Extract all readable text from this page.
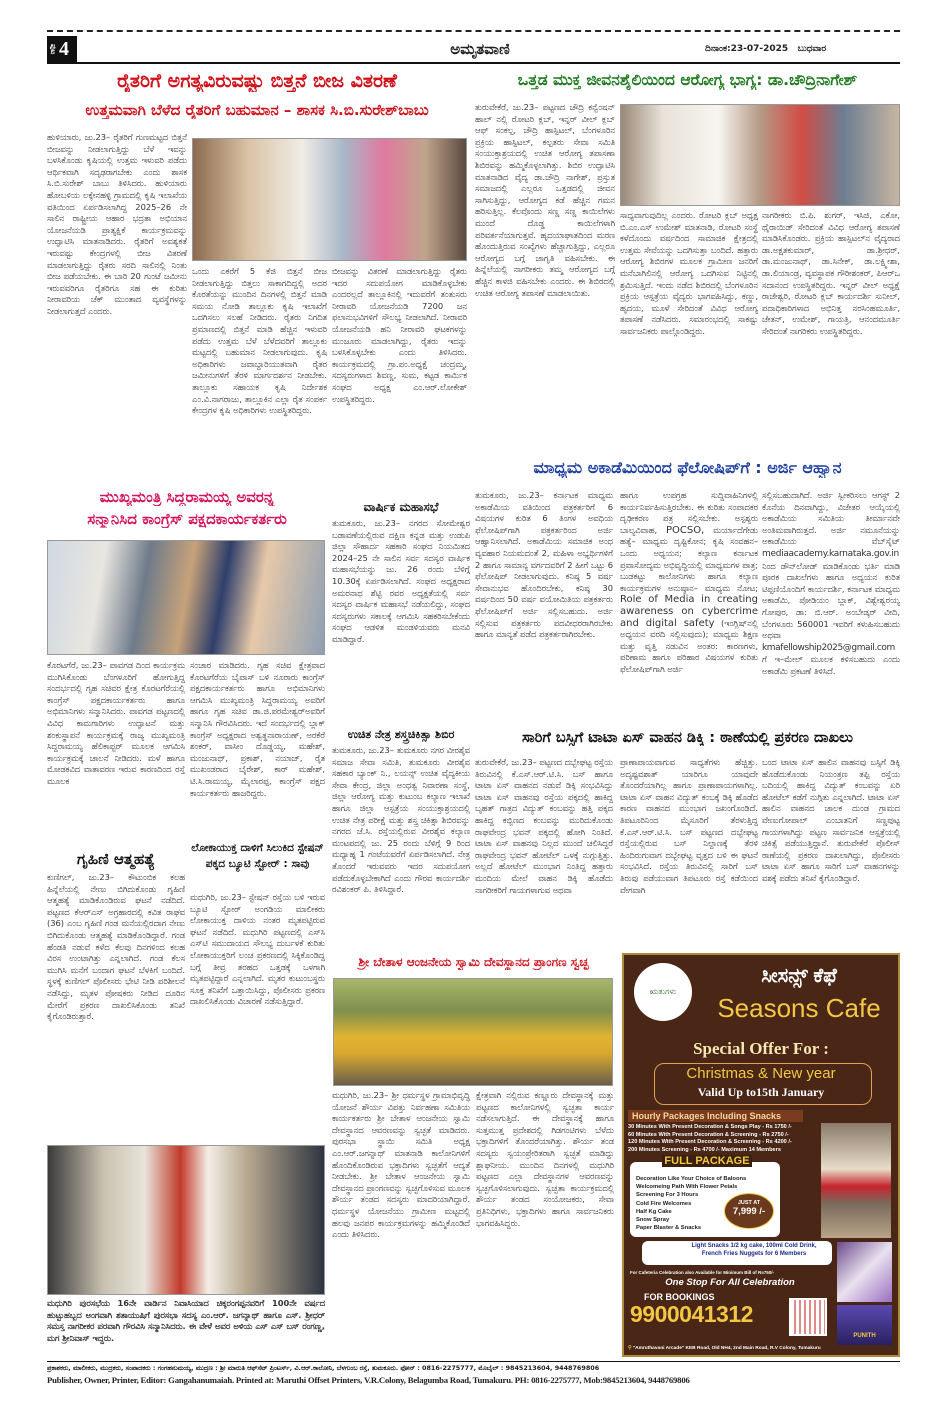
ಪುಟ 4	ಅಮೃತವಾಣಿ	ದಿನಾಂಕ:23-07-2025 ಬುಧವಾರ
ರೈತರಿಗೆ ಅಗತ್ಯವಿರುವಷ್ಟು ಬಿತ್ತನೆ ಬೀಜ ವಿತರಣೆ
ಉತ್ತಮವಾಗಿ ಬೆಳೆದ ರೈತರಿಗೆ ಬಹುಮಾನ – ಶಾಸಕ ಸಿ.ಬಿ.ಸುರೇಶ್‌ಬಾಬು
ಹುಳಿಯಾರು, ಜು.23– ರೈತರಿಗೆ ಗುಣಮಟ್ಟದ ಬಿತ್ತನೆ ಬೀಜವನ್ನು ನೀಡಲಾಗುತ್ತಿದ್ದು ಬೆಳೆ ಇವನ್ನು ಬಳಸಿಕೊಂಡು ಕೃಷಿಯಲ್ಲಿ ಉತ್ತಮ ಇಳುವರಿ ಪಡೆದು ಆರ್ಥಿಕವಾಗಿ ಸದೃಢರಾಗಬೇಕು ಎಂದು ಶಾಸಕ ಸಿ.ಬಿ.ಸುರೇಶ್ ಬಾಬು ತಿಳಿಸಿದರು. ಹುಳಿಯಾರು ಹೋಬಳಿಯ ಲಕ್ಕೇನಹಳ್ಳಿ ಗ್ರಾಮದಲ್ಲಿ ಕೃಷಿ ಇಲಾಖೆಯ ವತಿಯಿಂದ ಏರ್ಪಡಿಸಲಾಗಿದ್ದ 2025–26 ನೇ ಸಾಲಿನ ರಾಷ್ಟ್ರೀಯ ಆಹಾರ ಭದ್ರತಾ ಅಭಿಯಾನ ಯೋಜನೆಯಡಿ ಪ್ರಾತ್ಯಕ್ಷಿಕೆ ಕಾರ್ಯಕ್ರಮವನ್ನು ಉದ್ಘಾಟಿಸಿ ಮಾತನಾಡಿದರು. ರೈತರಿಗೆ ಅವಶ್ಯಕತೆ ಇರುವಷ್ಟು ಕೇಂದ್ರಗಳಲ್ಲಿ ಬೀಜ ವಿತರಣೆ ಮಾಡಲಾಗುತ್ತಿದ್ದು ರೈತರು ಸರದಿ ಸಾಲಿನಲ್ಲಿ ನಿಂತು ಬೀಜ ಪಡೆಯಬೇಕು. ಈ ಬಾರಿ 20 ಗುಂಟೆ ಜಮೀನು ಇರುವವರಿಗೂ ರೈತರಿಗೂ ಸಹ ಈ ಕುರಿತು ನೀರಾವರಿಯ ಚೆಕ್ ಮುಂತಾದ ವ್ಯವಸ್ಥೆಗಳನ್ನು ನೀಡಲಾಗುತ್ತದೆ ಎಂದರು.
ಒಂದು ಎಕರೆಗೆ 5 ಕೆಜಿ ಬಿತ್ತನೆ ಬೀಜ ನೀಡಲಾಗುತ್ತಿದ್ದು ಬಿತ್ತಲು ಸಾಕಾಗದಿದ್ದಲ್ಲಿ ಅದರ ಕೊರತೆಯನ್ನು ಮುಂದಿನ ದಿನಗಳಲ್ಲಿ ಬಿತ್ತನೆ ಮಾಡಿ ಸಮಯ ನೋಡಿ ತಾಲ್ಲೂಕು ಕೃಷಿ ಇಲಾಖೆಗೆ ಒದಗಿಸಲು ಸಲಹೆ ನೀಡಿದರು. ರೈತರು ನಿಗದಿತ ಪ್ರಮಾಣದಲ್ಲಿ ಬಿತ್ತನೆ ಮಾಡಿ ಹೆಚ್ಚಿನ ಇಳುವರಿ ಪಡೆದು ಉತ್ತಮ ಬೆಳೆ ಬೆಳೆದವರಿಗೆ ತಾಲ್ಲೂಕು ಮಟ್ಟದಲ್ಲಿ ಬಹುಮಾನ ನೀಡಲಾಗುವುದು. ಕೃಷಿ ಅಧಿಕಾರಿಗಳು ಜವಾಬ್ದಾರಿಯುತವಾಗಿ ರೈತರ ಜಮೀನುಗಳಿಗೆ ತೆರಳಿ ಮಾರ್ಗದರ್ಶನ ನೀಡಬೇಕು. ತಾಲ್ಲೂಕು ಸಹಾಯಕ ಕೃಷಿ ನಿರ್ದೇಶಕ ಎಂ.ವಿ.ನಾಗರಾಜು, ತಾಲ್ಲೂಕಿನ ಎಲ್ಲಾ ರೈತ ಸಂಪರ್ಕ ಕೇಂದ್ರಗಳ ಕೃಷಿ ಅಧಿಕಾರಿಗಳು ಉಪಸ್ಥಿತರಿದ್ದರು.
ಬೀಜವನ್ನು ವಿತರಣೆ ಮಾಡಲಾಗುತ್ತಿದ್ದು ರೈತರು ಇದರ ಸದುಪಯೋಗ ಮಾಡಿಕೊಳ್ಳಬೇಕು ಎಂದರಲ್ಲದೆ ತಾಲ್ಲೂಕಿನಲ್ಲಿ ಇದುವರೆಗೆ ತಂತುಸರು ನೀರಾವರಿ ಯೋಜನೆಯಡಿ 7200 ಜನ ಫಲಾನುಭವಿಗಳಿಗೆ ಸೌಲಭ್ಯ ನೀಡಲಾಗಿದೆ. ನೀರಾವರಿ ಯೋಜನೆಯಡಿ ಹನಿ ನೀರಾವರಿ ಘಟಕಗಳನ್ನು ಮಂಜೂರು ಮಾಡಲಾಗಿದ್ದು, ರೈತರು ಇದನ್ನು ಬಳಸಿಕೊಳ್ಳಬೇಕು ಎಂದು ತಿಳಿಸಿದರು. ಕಾರ್ಯಕ್ರಮದಲ್ಲಿ ಗ್ರಾ.ಪಂ.ಅಧ್ಯಕ್ಷೆ ಚಂದ್ರಮ್ಮ, ಸದಸ್ಯರುಗಳಾದ ಶಿವಣ್ಣ, ಸುಮ, ಕಟ್ಟಡ ಕಾರ್ಮಿಕ ಸಂಘದ ಅಧ್ಯಕ್ಷ ಎಂ.ಆರ್.ಲೋಕೇಶ್ ಉಪಸ್ಥಿತರಿದ್ದರು.
ಮುಖ್ಯಮಂತ್ರಿ ಸಿದ್ದರಾಮಯ್ಯ ಅವರನ್ನ
ಸನ್ಮಾನಿಸಿದ ಕಾಂಗ್ರೆಸ್ ಪಕ್ಷದಕಾರ್ಯಕರ್ತರು
ಕೊರಟಗೆರೆ, ಜು.23– ಪಾವಗಡ ದಿಂದ ಕಾರ್ಯಕ್ರಮ ಮುಗಿಸಿಕೊಂಡು ಬೆಂಗಳೂರಿಗೆ ಹೋಗುತ್ತಿದ್ದ ಸಂದರ್ಭದಲ್ಲಿ ಗೃಹ ಸಚಿವರ ಕ್ಷೇತ್ರ ಕೊರಟಗೆರೆಯಲ್ಲಿ ಕಾಂಗ್ರೆಸ್ ಪಕ್ಷದಕಾರ್ಯಕರ್ತರು ಹಾಗೂ ಅಭಿಮಾನಿಗಳು ಸನ್ಮಾನಿಸಿದರು. ಪಾವಗಡ ಪಟ್ಟಣದಲ್ಲಿ ವಿವಿಧ ಕಾಮಗಾರಿಗಳು ಉದ್ಘಾಟನೆ ಮತ್ತು ಶಂಕುಸ್ಥಾಪನೆ ಕಾರ್ಯಕ್ರಮಕ್ಕೆ ರಾಜ್ಯ ಮುಖ್ಯಮಂತ್ರಿ ಸಿದ್ದರಾಮಯ್ಯ ಹೆಲಿಕಾಪ್ಟರ್ ಮೂಲಕ ಆಗಮಿಸಿ ಕಾರ್ಯಕ್ರಮಕ್ಕೆ ಚಾಲನೆ ನೀಡಿದರು. ಮಳೆ ಹಾಗೂ ಮೋಡಕವಿದ ವಾತಾವರಣ ಇರುವ ಕಾರಣದಿಂದ ರಸ್ತೆ ಮೂಲಕ
ಸಂಚಾರ ಮಾಡಿದರು. ಗೃಹ ಸಚಿವ ಕ್ಷೇತ್ರವಾದ ಕೊರಟಗೆರೆಯ ಬೈಪಾಸ್ ಬಳಿ ನೂರಾರು ಕಾಂಗ್ರೆಸ್ ಪಕ್ಷದಕಾರ್ಯಕರ್ತರು ಹಾಗೂ ಅಭಿಮಾನಿಗಳು ಆಗಮಿಸಿ ಮುಖ್ಯಮಂತ್ರಿ ಸಿದ್ದರಾಮಯ್ಯ ಅವರಿಗೆ ಹಾಗೂ ಗೃಹ ಸಚಿವ ಡಾ.ಜಿ.ಪರಮೇಶ್ವರ್‌ಅವರಿಗೆ ಸನ್ಮಾನಿಸಿ ಗೌರವಿಸಿದರು. ಇದೆ ಸಂದರ್ಭದಲ್ಲಿ ಬ್ಲಾಕ್ ಕಾಂಗ್ರೆಸ್ ಅಧ್ಯಕ್ಷರಾದ ಅಶ್ವತ್ಥನಾರಾಯಣ್, ಅರಕೆರೆ ಶಂಕರ್, ವಾಸೀಂ ದೊಡ್ಡಯ್ಯ, ಮಹೇಶ್, ಮಂಜುನಾಥ್, ಪ್ರಕಾಶ್, ನಯಾಜ್, ರೈತ ಮುಖಂಡರಾದ ಬೈರೇಶ್, ಕಾರ್ ಮಹೇಶ್, ಟಿ.ಸಿ.ರಾಮಯ್ಯ, ಮೈಲಾರಪ್ಪ, ಕಾಂಗ್ರೆಸ್ ಪಕ್ಷದ ಕಾರ್ಯಕರ್ತರು ಹಾಜರಿದ್ದರು.
ಗೃಹಿಣಿ ಆತ್ಮಹತ್ಯೆ
ಕುಣಿಗಲ್, ಜು.23– ಕೌಟುಂಬಿಕ ಕಲಹ ಹಿನ್ನೆಲೆಯಲ್ಲಿ ನೇಣು ಬಿಗಿದುಕೊಂಡು ಗೃಹಿಣಿ ಆತ್ಮಹತ್ಯೆ ಮಾಡಿಕೊಂಡಿರುವ ಘಟನೆ ನಡೆದಿದೆ. ಪಟ್ಟಣದ ಕೆಆರ್‌ಎಸ್ ಅಗ್ರಹಾರದಲ್ಲಿ ಕವಿತ ರಾಘವ (36) ಎಂಬ ಗೃಹಿಣಿ ಗಂಡ ಮನೆಯಲ್ಲಿರದಾಗ ನೇಣು ಬಿಗಿದುಕೊಂಡು ಆತ್ಮಹತ್ಯೆ ಮಾಡಿಕೊಂಡಿದ್ದಾರೆ. ಗಂಡ ಹೆಂಡತಿ ನಡುವೆ ಕಳೆದ ಕೆಲವು ದಿನಗಳಿಂದ ಕಲಹ ವಿರಸ ಉಂಟಾಗಿತ್ತು ಎನ್ನಲಾಗಿದೆ. ಗಂಡ ಕೆಲಸ ಮುಗಿಸಿ ಮನೆಗೆ ಬಂದಾಗ ಘಟನೆ ಬೆಳಕಿಗೆ ಬಂದಿದೆ. ಸ್ಥಳಕ್ಕೆ ಕುಣಿಗಲ್ ಪೊಲೀಸರು ಭೇಟಿ ನೀಡಿ ಪರಿಶೀಲನೆ ನಡೆಸಿದ್ದು, ಮೃತಳ ಪೋಷಕರು ನೀಡಿದ ದೂರಿನ ಮೇರೆಗೆ ಪ್ರಕರಣ ದಾಖಲಿಸಿಕೊಂಡು ತನಿಖೆ ಕೈಗೊಂಡಿರುತ್ತಾರೆ.
ಲೋಕಾಯುಕ್ತ ದಾಳಿಗೆ ಸಿಲುಕಿದ ಸ್ಟೇಷನ್ ಪಕ್ಕದ ಬ್ಯೂಟಿ ಸ್ಟೋರ್ : ಸಾವು
ಮಧುಗಿರಿ, ಜು.23– ಸ್ಟೇಷನ್ ರಸ್ತೆಯ ಬಳಿ ಇರುವ ಬ್ಯೂಟಿ ಸ್ಟೋರ್ ಅಂಗಡಿಯ ಮಾಲೀಕರು ಲೋಕಾಯುಕ್ತ ದಾಳಿಯ ನಂತರ ಮೃತಪಟ್ಟಿರುವ ಘಟನೆ ನಡೆದಿದೆ. ಮಧುಗಿರಿ ಪಟ್ಟಣದಲ್ಲಿ ಎಸ್‌ಸಿ ಎಸ್‌ಟಿ ಸಮುದಾಯದ ಸೌಲಭ್ಯ ದುರ್ಬಳಕೆ ಕುರಿತು ಲೋಕಾಯುಕ್ತರಿಗೆ ಲಂಚ ಪ್ರಕರಣದಲ್ಲಿ ಸಿಕ್ಕಿಕೊಂಡಿದ್ದ ಬಗ್ಗೆ ತೀವ್ರ ತರಹದ ಒತ್ತಡಕ್ಕೆ ಒಳಗಾಗಿ ಮೃತಪಟ್ಟಿದ್ದಾರೆ ಎನ್ನಲಾಗಿದೆ. ಮೃತರ ಕುಟುಂಬಸ್ಥರು ಸೂಕ್ತ ತನಿಖೆಗೆ ಒತ್ತಾಯಿಸಿದ್ದು, ಪೊಲೀಸರು ಪ್ರಕರಣ ದಾಖಲಿಸಿಕೊಂಡು ವಿಚಾರಣೆ ನಡೆಸುತ್ತಿದ್ದಾರೆ.
ವಾರ್ಷಿಕ ಮಹಾಸಭೆ
ತುಮಕೂರು, ಜು.23– ನಗರದ ಸೋಮೇಶ್ವರ ಬಡಾವಣೆಯಲ್ಲಿರುವ ದಕ್ಷಿಣ ಕನ್ನಡ ಮತ್ತು ಉಡುಪಿ ಜಿಲ್ಲಾ ಸೌಹಾರ್ದ ಸಹಕಾರಿ ಸಂಘದ ನಿಯಮಿತದ 2024–25 ನೇ ಸಾಲಿನ ಸರ್ವ ಸದಸ್ಯರ ವಾರ್ಷಿಕ ಮಹಾಸಭೆಯನ್ನು ಜು. 26 ರಂದು ಬೆಳಿಗ್ಗೆ 10.30ಕ್ಕೆ ಏರ್ಪಡಿಸಲಾಗಿದೆ. ಸಂಘದ ಅಧ್ಯಕ್ಷರಾದ ಅಮರನಾಥ ಶೆಟ್ಟಿ ರವರ ಅಧ್ಯಕ್ಷತೆಯಲ್ಲಿ ಸರ್ವ ಸದಸ್ಯರ ವಾರ್ಷಿಕ ಮಹಾಸಭೆ ನಡೆಯಲಿದ್ದು, ಸಂಘದ ಸದಸ್ಯರುಗಳು ಸಕಾಲಕ್ಕೆ ಆಗಮಿಸಿ ಸಹಕರಿಸಬೇಕೆಂದು ಸಂಘದ ಆಡಳಿತ ಮಂಡಳಿಯವರು ಮನವಿ ಮಾಡಿದ್ದಾರೆ.
ಉಚಿತ ನೇತ್ರ ಶಸ್ತ್ರಚಿಕಿತ್ಸಾ ಶಿಬಿರ
ತುಮಕೂರು, ಜು.23– ತುಮಕೂರು ನಗರ ವೀರಶೈವ ಸಮಾಜ ಸೇವಾ ಸಮಿತಿ, ತುಮಕೂರು ವೀರಶೈವ ಸಹಕಾರ ಬ್ಯಾಂಕ್ ನಿ., ಲಯನ್ಸ್ ಉಚಿತ ವೈದ್ಯಕೀಯ ಸೇವಾ ಕೇಂದ್ರ, ಜಿಲ್ಲಾ ಅಂಧತ್ವ ನಿವಾರಣಾ ಸಂಸ್ಥೆ, ಜಿಲ್ಲಾ ಆರೋಗ್ಯ ಮತ್ತು ಕುಟುಂಬ ಕಲ್ಯಾಣ ಇಲಾಖೆ ಹಾಗೂ ಜಿಲ್ಲಾ ಆಸ್ಪತ್ರೆಯ ಸಂಯುಕ್ತಾಶ್ರಯದಲ್ಲಿ ಉಚಿತ ನೇತ್ರ ಪರೀಕ್ಷೆ ಮತ್ತು ಶಸ್ತ್ರ ಚಿಕಿತ್ಸಾ ಶಿಬಿರವನ್ನು ನಗರದ ಜೆ.ಸಿ. ರಸ್ತೆಯಲ್ಲಿರುವ ವೀರಶೈವ ಕಲ್ಯಾಣ ಮಂಟಪದಲ್ಲಿ ಜು. 25 ರಂದು ಬೆಳಿಗ್ಗೆ 9 ರಿಂದ ಮಧ್ಯಾಹ್ನ 1 ಗಂಟೆಯವರೆಗೆ ಏರ್ಪಡಿಸಲಾಗಿದೆ. ನೇತ್ರ ತೊಂದರೆ ಇರುವವರು ಇದರ ಸದುಪಯೋಗ ಪಡೆದುಕೊಳ್ಳಬೇಕಾಗಿದೆ ಎಂದು ಗೌರವ ಕಾರ್ಯದರ್ಶಿ ರವಿಶಂಕರ್ ಪಿ. ತಿಳಿಸಿದ್ದಾರೆ.
ಒತ್ತಡ ಮುಕ್ತ ಜೀವನಶೈಲಿಯಿಂದ ಆರೋಗ್ಯ ಭಾಗ್ಯ: ಡಾ.ಚೌದ್ರಿನಾಗೇಶ್
ತುರುವೇಕೆರೆ, ಜು.23– ಪಟ್ಟಣದ ಚೌದ್ರಿ ಕನ್ವೆಂಷನ್ ಹಾಲ್ ನಲ್ಲಿ ರೋಟರಿ ಕ್ಲಬ್, ಇನ್ನರ್ ವೀಲ್ ಕ್ಲಬ್ ಆಫ್ ಸಂಕಲ್ಪ, ಚೌದ್ರಿ ಹಾಸ್ಪಿಟಲ್, ಬೆಂಗಳೂರಿನ ಪ್ರಕ್ರಿಯ ಹಾಸ್ಪಿಟಲ್, ಕಲ್ಪತರು ಸೇವಾ ಸಮಿತಿ ಸಂಯುಕ್ತಾಶ್ರಯದಲ್ಲಿ ಉಚಿತ ಆರೋಗ್ಯ ತಪಾಸಣಾ ಶಿಬಿರವನ್ನು ಹಮ್ಮಿಕೊಳ್ಳಲಾಗಿತ್ತು. ಶಿಬಿರ ಉದ್ಘಾಟಿಸಿ ಮಾತನಾಡಿದ ವೈದ್ಯ ಡಾ.ಚೌದ್ರಿ ನಾಗೇಶ್, ಪ್ರಸ್ತುತ ಸಮಾಜದಲ್ಲಿ ಎಲ್ಲರೂ ಒತ್ತಡದಲ್ಲಿ ಜೀವನ ಸಾಗಿಸುತ್ತಿದ್ದು, ಆರೋಗ್ಯದ ಕಡೆ ಹೆಚ್ಚಿನ ಗಮನ ಹರಿಸುತ್ತಿಲ್ಲ. ಕೆಲವೊಂದು ಸಣ್ಣ ಸಣ್ಣ ಕಾಯಿಲೆಗಳು ಮುಂದೆ ದೊಡ್ಡ ಕಾಯಿಲೆಗಳಾಗಿ ಪರಿವರ್ತನೆಯಾಗುತ್ತವೆ. ಹೃದಯಾಘಾತದಿಂದ ಮರಣ ಹೊಂದುತ್ತಿರುವ ಸಂಖ್ಯೆಗಳು ಹೆಚ್ಚಾಗುತ್ತಿದ್ದು, ಎಲ್ಲರೂ ಆರೋಗ್ಯದ ಬಗ್ಗೆ ಜಾಗೃತಿ ವಹಿಸಬೇಕು. ಈ ಹಿನ್ನೆಲೆಯಲ್ಲಿ ನಾಗರೀಕರು ತಮ್ಮ ಆರೋಗ್ಯದ ಬಗ್ಗೆ ಹೆಚ್ಚಿನ ಕಾಳಜಿ ವಹಿಸಬೇಕು ಎಂದರು. ಈ ಶಿಬಿರದಲ್ಲಿ ಉಚಿತ ಆರೋಗ್ಯ ತಪಾಸಣೆ ಮಾಡಲಾಯಿತು.
ಸಾಧ್ಯವಾಗುವುದಿಲ್ಲ ಎಂದರು. ರೋಟರಿ ಕ್ಲಬ್ ಅಧ್ಯಕ್ಷ ಬಿ.ಎಂ.ಎಸ್ ಉಮೇಶ್ ಮಾತನಾಡಿ, ರೋಟರಿ ಸಂಸ್ಥೆ ಕಳೆದೊಂದು ವರ್ಷದಿಂದ ಸಾಮಾಜಿಕ ಕ್ಷೇತ್ರದಲ್ಲಿ ಉತ್ತಮ ಸೇವೆಯನ್ನು ಒದಗಿಸುತ್ತಾ ಬಂದಿದೆ. ಹತ್ತಾರು ಆರೋಗ್ಯ ಶಿಬಿರಗಳ ಮೂಲಕ ಗ್ರಾಮೀಣ ಜನರಿಗೆ ಮನೆಬಾಗಿಲಿನಲ್ಲಿ ಆರೋಗ್ಯ ಒದಗಿಸುವ ನಿಟ್ಟಿನಲ್ಲಿ ಶ್ರಮಿಸುತ್ತಿದೆ. ಇಂದು ನಡೆದ ಶಿಬಿರದಲ್ಲಿ ಬೆಂಗಳೂರಿನ ಪ್ರಕ್ರಿಯ ಆಸ್ಪತ್ರೆಯ ವೈದ್ಯರು ಭಾಗವಹಿಸಿದ್ದು, ಕಣ್ಣು, ಹೃದಯ, ಮೂಳೆ ಸೇರಿದಂತೆ ವಿವಿಧ ಆರೋಗ್ಯ ತಪಾಸಣೆ ನಡೆಸಿದರು. ಸಮಾರಂಭದಲ್ಲಿ ಸಾಕಷ್ಟು ಸಾರ್ವಜನಿಕರು ಪಾಲ್ಗೊಂಡಿದ್ದರು.
ನಾಗರೀಕರು ಬಿ.ಪಿ. ಶುಗರ್, ಇಸಿಜಿ, ಎಕೋ, ಥೈರಾಯಿಡ್ ಸೇರಿದಂತೆ ವಿವಿಧ ಆರೋಗ್ಯ ತಪಾಸಣೆ ಮಾಡಿಸಿಕೊಂಡರು. ಪ್ರಕ್ರಿಯ ಹಾಸ್ಪಿಟಲ್‌ನ ವೈದ್ಯರಾದ ಡಾ.ಅಕ್ಷತಕುಮಾರ್, ಡಾ.ಶ್ರೀಧರ್, ಡಾ.ಮಂಜುನಾಥ್, ಡಾ.ಸಿನೇಕ್, ಡಾ.ಲಕ್ಷ್ಮೀಶಾ, ಡಾ.ಲಿಯಾಂಡ್ರ, ವ್ಯವಸ್ಥಾಪಕ ಗೌರೀಶಂಕರ್, ಪಿಆರ್‌ಒ ಸದಾನಂದ ಉಪಸ್ಥಿತರಿದ್ದರು. ಇನ್ನರ್ ವೀಲ್ ಅಧ್ಯಕ್ಷೆ ರಾಜೇಶ್ವರಿ, ರೋಟರಿ ಕ್ಲಬ್ ಕಾರ್ಯದರ್ಶಿ ಸುನೀಲ್, ಪದಾಧಿಕಾರಿಗಳಾದ ಅಭಿನಿತ್ತ ನರಸಿಂಹಮೂರ್ತಿ, ಚೇತನ್, ಉಮೇಶ್, ಗಾಯತ್ರಿ, ಆನಂದಮೂರ್ತಿ ಸೇರಿದಂತೆ ನಾಗರಿಕರು ಉಪಸ್ಥಿತರಿದ್ದರು.
ಮಾಧ್ಯಮ ಅಕಾಡೆಮಿಯಿಂದ ಫೆಲೋಷಿಪ್‌ಗೆ : ಅರ್ಜಿ ಆಹ್ವಾನ
ತುಮಕೂರು, ಜು.23– ಕರ್ನಾಟಕ ಮಾಧ್ಯಮ ಅಕಾಡೆಮಿಯ ವತಿಯಿಂದ ಪತ್ರಕರ್ತರಿಗೆ 6 ವಿಷಯಗಳ ಕುರಿತ 6 ತಿಂಗಳ ಅವಧಿಯ ಫೆಲೋಷಿಪ್‌ಗಾಗಿ ಪತ್ರಕರ್ತರಿಂದ ಅರ್ಜಿ ಆಹ್ವಾನಿಸಲಾಗಿದೆ. ಅಕಾಡೆಮಿಯ ಸಮಾಜಿಕ ಅಂಧ ವ್ಯವಹಾರ ನಿಯಮದಂತೆ 2, ಮಹಿಳಾ ಅಭ್ಯರ್ಥಿಗಳಿಗೆ 2 ಹಾಗೂ ಸಾಮಾನ್ಯ ವರ್ಗದವರಿಗೆ 2 ಹೀಗೆ ಒಟ್ಟು 6 ಫೆಲೋಷಿಪ್ ನೀಡಲಾಗುವುದು. ಕನಿಷ್ಠ 5 ವರ್ಷ ಸೇವಾನುಭವ ಹೊಂದಿರಬೇಕು, ಕನಿಷ್ಠ 30 ವರ್ಷದಿಂದ 50 ವರ್ಷ ವಯೋಮಿತಿಯ ಪತ್ರಕರ್ತರು ಫೆಲೋಷಿಪ್‌ಗೆ ಅರ್ಜಿ ಸಲ್ಲಿಸಬಹುದು. ಅರ್ಜಿ ಸಲ್ಲಿಸುವ ಪತ್ರಕರ್ತರು ಪದವೀಧರರಾಗಿರಬೇಕು ಹಾಗೂ ಮಾನ್ಯತೆ ಪಡೆದ ಪತ್ರಕರ್ತರಾಗಿರಬೇಕು.
ಹಾಗೂ ಉಪಗ್ರಹ ಸುದ್ದಿವಾಹಿನಿಗಳಲ್ಲಿ ಕಾರ್ಯನಿರ್ವಹಿಸುತ್ತಿರಬೇಕು. ಈ ಕುರಿತು ಸಂಪಾದಕರ ದೃಢೀಕರಣ ಪತ್ರ ಸಲ್ಲಿಸಬೇಕು. ಅಸ್ಪಶ್ಯರು ಬಾಲ್ಯವಿವಾಹ, POCSO, ಮರ್ಯಾದೆಗೇಡು ಹತ್ಯೆ– ಮಾಧ್ಯಮ ದೃಷ್ಟಿಕೋನ; ಕೃಷಿ ಸಂವಹನ– ಒಂದು ಅಧ್ಯಯನ; ಕಲ್ಯಾಣ ಕರ್ನಾಟಕ ಪ್ರವಾಸೋದ್ಯಮ ಅಭಿವೃದ್ಧಿಯಲ್ಲಿ ಮಾಧ್ಯಮಗಳ ಪಾತ್ರ; ಬುಡಕಟ್ಟು ಕಾಲೋನಿಗಳು ಹಾಗೂ ಕಲ್ಯಾಣ ಕಾರ್ಯಕ್ರಮಗಳ ಅನುಷ್ಠಾನ– ಮಾಧ್ಯಮ ನೋಟ; Role of Media in creating awareness on cybercrime and digital safety (ಇಂಗ್ಲಿಷ್‌ನಲ್ಲಿ ಅಧ್ಯಯನ ವರದಿ ಸಲ್ಲಿಸುವುದು); ಮಾಧ್ಯಮ ಶಿಕ್ಷಣ ಮತ್ತು ವೃತ್ತಿ ನಡುವಿನ ಅಂತರ: ಕಾರಣಗಳು, ಪರಿಣಾಮ ಹಾಗೂ ಪರಿಹಾರ ವಿಷಯಗಳ ಕುರಿತು ಫೆಲೋಷಿಪ್‌ಗಾಗಿ ಅರ್ಜಿ
ಸಲ್ಲಿಸಬಹುದಾಗಿದೆ. ಅರ್ಜಿ ಸ್ವೀಕರಿಸಲು ಆಗಸ್ಟ್ 2 ಕೊನೆಯ ದಿನವಾಗಿದ್ದು, ವಿಜೇತರ ಆಯ್ಕೆಯಲ್ಲಿ ಅಕಾಡೆಮಿಯ ಸಮಿತಿಯ ತೀರ್ಮಾನವೇ ಅಂತಿಮವಾಗಿರುತ್ತದೆ. ಅರ್ಜಿ ನಮೂನೆಯನ್ನು ಅಕಾಡೆಮಿಯ ವೆಬ್‌ಸೈಟ್ mediaacademy.karnataka.gov.in ನಿಂದ ಡೌನ್‌ಲೋಡ್ ಮಾಡಿಕೊಂಡು ಭರ್ತಿ ಮಾಡಿ ಪೂರಕ ದಾಖಲೆಗಳು ಹಾಗೂ ಅಧ್ಯಯನ ಕುರಿತ ಟಿಪ್ಪಣಿಯೊಂದಿಗೆ ಕಾರ್ಯದರ್ಶಿ, ಕರ್ನಾಟಕ ಮಾಧ್ಯಮ ಅಕಾಡೆಮಿ, ಪೋಡಿಯಂ ಬ್ಲಾಕ್, ವಿಶ್ವೇಶ್ವರಯ್ಯ ಗೋಪುರ, ಡಾ: ಬಿ.ಆರ್. ಅಂಬೇಡ್ಕರ್ ವೀದಿ, ಬೆಂಗಳೂರು 560001 ಇವರಿಗೆ ಕಳುಹಿಸಬಹುದು ಅಥವಾ kmafellowship2025@gmail.com ಗೆ ಇ–ಮೇಲ್ ಮೂಲಕ ಕಳಿಸಬಹುದು ಎಂದು ಅಕಾಡೆಮಿ ಪ್ರಕಟಣೆ ತಿಳಿಸಿದೆ.
ಸಾರಿಗೆ ಬಸ್ಸಿಗೆ ಟಾಟಾ ಏಸ್ ವಾಹನ ಡಿಕ್ಕಿ : ಠಾಣೆಯಲ್ಲಿ ಪ್ರಕರಣ ದಾಖಲು
ತುರುವೇಕೆರೆ, ಜು.23– ಪಟ್ಟಣದ ದಬ್ಬೇಘಟ್ಟ ರಸ್ತೆಯ ತಿರುವಿನಲ್ಲಿ ಕೆ.ಎಸ್.ಆರ್.ಟಿ.ಸಿ. ಬಸ್ ಹಾಗೂ ಟಾಟಾ ಏಸ್ ವಾಹನದ ನಡುವೆ ಡಿಕ್ಕಿ ಸಂಭವಿಸಿದ್ದು ಟಾಟಾ ಏಸ್ ವಾಹನವು ರಸ್ತೆಯ ಪಕ್ಕದಲ್ಲಿ ಹಾಕಿದ್ದ ಬೃಹತ್ ಗಾತ್ರದ ವಿದ್ಯುತ್ ಕಂಬವನ್ನು ಹತ್ತಿ ಪಕ್ಕದ ಹಾಕಿದ್ದ ಕಬ್ಬಿಣದ ಕಂಬವನ್ನು ಮುರಿದುಕೊಂಡು ರಾಘವೇಂದ್ರ ಭವನ್ ಪಕ್ಕದಲ್ಲಿ ಹೋಗಿ ನಿಂತಿದೆ. ಟಾಟಾ ಏಸ್ ವಾಹನವು ನಿಲ್ಲದ ಮುಂದೆ ಚಲಿಸಿದ್ದರೆ ರಾಘವೇಂದ್ರ ಭವನ್ ಹೋಟೆಲ್ ಒಳಕ್ಕೆ ನುಗ್ಗುತ್ತಿತ್ತು. ಅಲ್ಲದೆ ಹೋಟೆಲ್ ಮುಂಭಾಗ ನಿಂತಿದ್ದ ಹತ್ತಾರು ಮಂದಿಯ ಮೇಲೆ ವಾಹನ ಡಿಕ್ಕಿ ಹೊಡೆದು ನಾಗರೀಕರಿಗೆ ಗಾಯಗಳಾಗುವ ಅಥವಾ
ಪ್ರಾಣಾಪಾಯವಾಗುವ ಸಾಧ್ಯತೆಗಳು ಹೆಚ್ಚಿತ್ತು. ಅದೃಷ್ಟವಶಾತ್ ಯಾರಿಗೂ ಯಾವುದೇ ತೊಂದರೆಯಾಗಿಲ್ಲ ಹಾಗೂ ಪ್ರಾಣಾಪಾಯಗಳಾಗಿಲ್ಲ. ಟಾಟಾ ಏಸ್ ವಾಹನ ವಿದ್ಯುತ್ ಕಂಬಕ್ಕೆ ಡಿಕ್ಕಿ ಹೊಡೆದ ಕಾರಣ ವಾಹನದ ಮುಂಭಾಗ ಜಖಂಗೊಂಡಿದೆ. ತಿಪಟೂರಿನಿಂದ ಮೈಸೂರಿಗೆ ತೆರಳುತ್ತಿದ್ದ ಕೆ.ಎಸ್.ಆರ್.ಟಿ.ಸಿ. ಬಸ್ ಪಟ್ಟಣದ ದಬ್ಬೇಘಟ್ಟ ರಸ್ತೆಯಲ್ಲಿರುವ ಬಸ್ ನಿಲ್ದಾಣಕ್ಕೆ ತೆರಳಿ ಹಿಂದಿರುಗುವಾಗ ದಬ್ಬೇಘಟ್ಟ ವೃತ್ತದ ಬಳಿ ಈ ಘಟನೆ ಸಂಭವಿಸಿದೆ. ರಸ್ತೆಯ ತಿರುವಿನಲ್ಲಿ ಸಾರಿಗೆ ಬಸ್ ತಿರುವು ಪಡೆಯುವಾಗ ತಿಪಟೂರು ರಸ್ತೆ ಕಡೆಯಿಂದ ವೇಗವಾಗಿ
ಬಂದ ಟಾಟಾ ಏಸ್ ಹಾಲಿನ ವಾಹನವು ಬಸ್ಸಿಗೆ ಡಿಕ್ಕಿ ಹೊಡೆದುಕೊಂಡು ನಿಯಂತ್ರಣ ತಪ್ಪಿ ರಸ್ತೆಯ ಬದಿಯಲ್ಲಿ ಹಾಕಿದ್ದ ವಿದ್ಯುತ್ ಕಂಬವನ್ನು ಏರಿ ಹೋಟೆಲ್ ಕಡೆಗೆ ನುಗ್ಗಿತು ಎನ್ನಲಾಗಿದೆ. ಟಾಟಾ ಏಸ್ ಹಾಲಿನ ವಾಹನದ ಚಾಲಕ ದುಂಡ ಗ್ರಾಮದ ವೇಣುಗೋಪಾಲ್ ಎಂಬಾತನಿಗೆ ಸಣ್ಣಪುಟ್ಟ ಗಾಯಗಳಾಗಿದ್ದು ಪಟ್ಟಣ ಸಾರ್ವಜನಿಕ ಆಸ್ಪತ್ರೆಯಲ್ಲಿ ಚಿಕಿತ್ಸೆ ಪಡೆಯುತ್ತಿದ್ದಾನೆ. ತುರುವೇಕೆರೆ ಪೊಲೀಸ್ ಠಾಣೆಯಲ್ಲಿ ಪ್ರಕರಣ ದಾಖಲಾಗಿದ್ದು, ಪೊಲೀಸರು ಟಾಟಾ ಏಸ್ ಹಾಗೂ ಸಾರಿಗೆ ಬಸ್ ವಾಹನಗಳನ್ನು ವಶಕ್ಕೆ ಪಡೆದು ತನಿಖೆ ಕೈಗೊಂಡಿದ್ದಾರೆ.
ಶ್ರೀ ಬೇತಾಳ ಆಂಜನೇಯ ಸ್ವಾಮಿ ದೇವಸ್ಥಾನದ ಪ್ರಾಂಗಣ ಸ್ವಚ್ಛ
ಮಧುಗಿರಿ, ಜು.23– ಶ್ರೀ ಧರ್ಮಸ್ಥಳ ಗ್ರಾಮಾಭಿವೃದ್ಧಿ ಯೋಜನೆ ಶೌರ್ಯ ವಿಪತ್ತು ನಿರ್ವಹಣಾ ಸಮಿತಿಯ ಕಾರ್ಯಕರ್ತರು ಶ್ರೀ ಬೇತಾಳ ಆಂಜನೇಯ ಸ್ವಾಮಿ ದೇವಸ್ಥಾನದ ಆವರಣವನ್ನು ಸ್ವಚ್ಛತೆ ಮಾಡಿದರು. ಪುರಸಭಾ ಸ್ಥಾಯಿ ಸಮಿತಿ ಅಧ್ಯಕ್ಷ ಎಂ.ಆರ್.ಜಗನ್ನಾಥ್ ಮಾತನಾಡಿ ಕಾಲೋನಿಗಳಿಗೆ ಹೊಂದಿಕೊಂಡಿರುವ ಭಕ್ತಾದಿಗಳು ಸ್ವಚ್ಛತೆಗೆ ಆದ್ಯತೆ ನೀಡಬೇಕು. ಶ್ರೀ ಬೇತಾಳ ಆಂಜನೇಯ ಸ್ವಾಮಿ ದೇವಸ್ಥಾನದ ಪ್ರಾಂಗಣವನ್ನು ಸ್ವಚ್ಛಗೊಳಿಸುವ ಮೂಲಕ ಶೌರ್ಯ ತಂಡದ ಸದಸ್ಯರು ಮಾದರಿಯಾಗಿದ್ದಾರೆ. ಧರ್ಮಸ್ಥಳ ಯೋಜನೆಯು ಗ್ರಾಮೀಣ ಮಟ್ಟದಲ್ಲಿ ಹಲವು ಜನಪರ ಕಾರ್ಯಕ್ರಮಗಳನ್ನು ಹಮ್ಮಿಕೊಂಡಿದೆ ಎಂದು ತಿಳಿಸಿದರು.
ಕ್ಷೇತ್ರವಾಗಿ ನಲ್ಲಿರುವ ಕಣ್ಣೂರು ದೇವಸ್ಥಾನಕ್ಕೆ ಮತ್ತು ಪಟ್ಟಣದ ಕಾಲೋನಿಗಳಲ್ಲಿ ಸ್ವಚ್ಛತಾ ಕಾರ್ಯ ನಡೆಸಲಾಗುತ್ತಿದೆ. ಈ ದೇವಸ್ಥಾನಕ್ಕೆ ಹಾಗೂ ಸುತ್ತಮುತ್ತ ಪ್ರದೇಶದಲ್ಲಿ ಗಿಡಗಂಟಿಗಳು ಬೆಳೆದು ಭಕ್ತಾದಿಗಳಿಗೆ ತೊಂದರೆಯಾಗಿತ್ತು. ಶೌರ್ಯ ತಂಡ ಸದಸ್ಯರು ಸ್ವಯಂಪ್ರೇರಿತರಾಗಿ ಸ್ವಚ್ಛತೆ ಮಾಡಿದ್ದು ಶ್ಲಾಘನೀಯ. ಮುಂದಿನ ದಿನಗಳಲ್ಲಿ ಮಧುಗಿರಿ ಪಟ್ಟಣದ ಎಲ್ಲಾ ದೇವಸ್ಥಾನಗಳ ಆವರಣವನ್ನು ಸ್ವಚ್ಛಗೊಳಿಸಲಾಗುವುದು. ಸ್ವಚ್ಛತಾ ಕಾರ್ಯಕ್ರಮದಲ್ಲಿ ಶೌರ್ಯ ತಂಡದ ಸಂಯೋಜಕರು, ಸೇವಾ ಪ್ರತಿನಿಧಿಗಳು, ಭಕ್ತಾದಿಗಳು ಹಾಗೂ ಸಾರ್ವಜನಿಕರು ಭಾಗವಹಿಸಿದ್ದರು.
ಮಧುಗಿರಿ ಪುರಸಭೆಯ 16ನೇ ವಾರ್ಡಿನ ನಿವಾಸಿಯಾದ ಚಿಕ್ಕರಂಗಪ್ಪನವರಿಗೆ 100ನೇ ವರ್ಷದ ಹುಟ್ಟುಹಬ್ಬದ ಅಂಗವಾಗಿ ಶತಾಯುಷಿಗೆ ಪುರಸಭಾ ಸದಸ್ಯ ಎಂ.ಆರ್. ಜಗನ್ನಾಥ್ ಹಾಗೂ ಎಸ್. ಶ್ರೀಧರ್ ಸಮಸ್ತ ನಾಗರೀಕರ ಪರವಾಗಿ ಗೌರವಿಸಿ ಸನ್ಮಾನಿಸಿದರು. ಈ ವೇಳೆ ಅವರ ಅಳಿಯ ಎಸ್ ಎಸ್ ಬಸ್ ರಂಗಣ್ಣ, ಮಗ ಶ್ರೀನಿವಾಸ್ ಇದ್ದರು.
ಋತುಗಳು
ಸೀಸನ್ಸ್ ಕೆಫೆ
Seasons Cafe
Special Offer For :
Christmas & New year
Valid Up to15th January
Hourly Packages Including Snacks
30 Minutes With Present Decoration & Songs Play - Rs 1750 /-
60 Minutes With Present Decoration & Screening - Rs 2750 /-
120 Minutes With Present Decoration & Screening - Rs 4200 /-
200 Minutes Screening - Rs 4700 /- Maximum 14 Members
Decoration Like Your Choice of Baloons
Welcomeing Path With Flower Petals
Screening For 3 Hours
Cold Fire Welcomes
Half Kg Cake
Snow Spray
Paper Blaster & Snacks
FULL PACKAGE
JUST AT
7,999 /-
Light Snacks 1/2 kg cake, 100ml Cold Drink, French Fries Nuggets for 6 Members
For Cafeteria Celebration also Available for Minimum Bill of Rs750/-
One Stop For All Celebration
FOR BOOKINGS
9900041312
PUNITH
⚲ "Amruthavani Arcade" KEB Road, Old NH4, 2nd Main Road, R.V Colony, Tumakuru
ಪ್ರಕಾಶಕರು, ಮಾಲೀಕರು, ಮುದ್ರಕರು, ಸಂಪಾದಕರು : ಗಂಗಹನುಮಯ್ಯ, ಮುದ್ರಣ : ಶ್ರೀ ಮಾರುತಿ ಆಫ್‌ಸೆಟ್ ಪ್ರಿಂಟರ್ಸ್, ವಿ.ಆರ್.ಕಾಲೋನಿ, ಬೆಳಗುಂಬ ರಸ್ತೆ, ತುಮಕೂರು. ಫೋನ್ : 0816-2275777, ಮೊಬೈಲ್ : 9845213604, 9448769806
Publisher, Owner, Printer, Editor: Gangahanumaiah. Printed at: Maruthi Offset Printers, V.R.Colony, Belagumba Road, Tumakuru. PH: 0816-2275777, Mob:9845213604, 9448769806
